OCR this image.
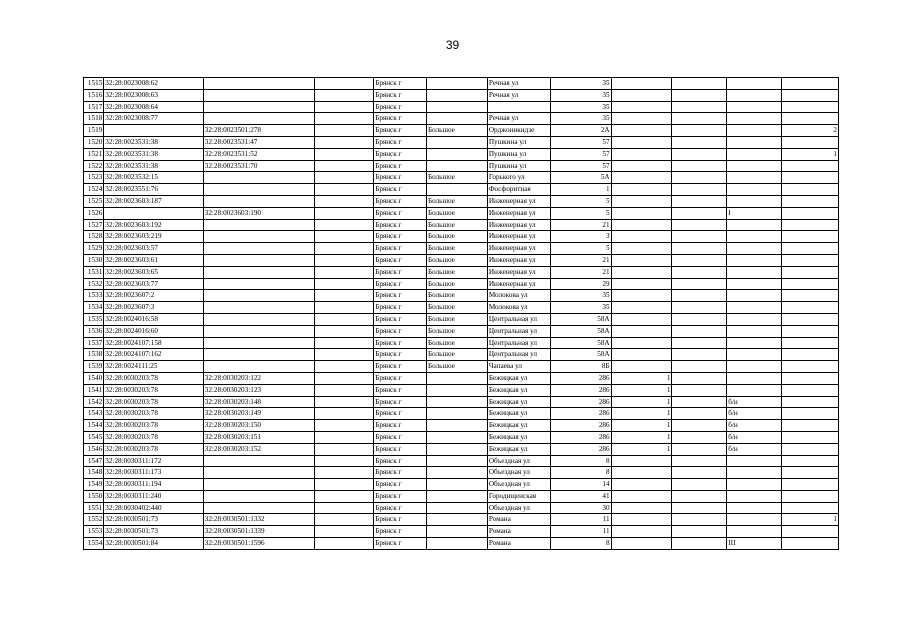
39
1515	32:28:0023008:62			Брянск г		Речная ул	35				
1516	32:28:0023008:63			Брянск г		Речная ул	35				
1517	32:28:0023008:64			Брянск г			35				
1518	32:28:0023008:77			Брянск г		Речная ул	35				
1519		32:28:0023501:278		Брянск г	Большое	Орджоникидзе	2А				2
1520	32:28:0023531:38	32:28:0023531:47		Брянск г		Пушкина ул	57				
1521	32:28:0023531:38	32:28:0023531:52		Брянск г		Пушкина ул	57				1
1522	32:28:0023531:38	32:28:0023531:70		Брянск г		Пушкина ул	57				
1523	32:28:0023532:15			Брянск г	Большое	Горького ул	5А				
1524	32:28:0023551:76			Брянск г		Фосфоритная	1				
1525	32:28:0023603:187			Брянск г	Большое	Инженерная ул	5				
1526		32:28:0023603:190		Брянск г	Большое	Инженерная ул	5			I	
1527	32:28:0023603:192			Брянск г	Большое	Инженерная ул	21				
1528	32:28:0023603:219			Брянск г	Большое	Инженерная ул	3				
1529	32:28:0023603:57			Брянск г	Большое	Инженерная ул	5				
1530	32:28:0023603:61			Брянск г	Большое	Инженерная ул	21				
1531	32:28:0023603:65			Брянск г	Большое	Инженерная ул	21				
1532	32:28:0023603:77			Брянск г	Большое	Инженерная ул	29				
1533	32:28:0023607:2			Брянск г	Большое	Молокова ул	35				
1534	32:28:0023607:3			Брянск г	Большое	Молокова ул	35				
1535	32:28:0024016:58			Брянск г	Большое	Центральная ул	58А				
1536	32:28:0024016:60			Брянск г	Большое	Центральная ул	58А				
1537	32:28:0024107:158			Брянск г	Большое	Центральная ул	58А				
1538	32:28:0024107:162			Брянск г	Большое	Центральная ул	58А				
1539	32:28:0024111:25			Брянск г	Большое	Чапаева ул	8Б				
1540	32:28:0030203:78	32:28:0030203:122		Брянск г		Бежицкая ул	286	1			
1541	32:28:0030203:78	32:28:0030203:123		Брянск г		Бежицкая ул	286	1			
1542	32:28:0030203:78	32:28:0030203:148		Брянск г		Бежицкая ул	286	1		б/н	
1543	32:28:0030203:78	32:28:0030203:149		Брянск г		Бежицкая ул	286	1		б/н	
1544	32:28:0030203:78	32:28:0030203:150		Брянск г		Бежицкая ул	286	1		б/н	
1545	32:28:0030203:78	32:28:0030203:151		Брянск г		Бежицкая ул	286	1		б/н	
1546	32:28:0030203:78	32:28:0030203:152		Брянск г		Бежицкая ул	286	1		б/н	
1547	32:28:0030311:172			Брянск г		Объездная ул	8				
1548	32:28:0030311:173			Брянск г		Объездная ул	8				
1549	32:28:0030311:194			Брянск г		Объездная ул	14				
1550	32:28:0030311:240			Брянск г		Городищенская	41				
1551	32:28:0030402:440			Брянск г		Объездная ул	30				
1552	32:28:0030501:73	32:28:0030501:1332		Брянск г		Романа	11				1
1553	32:28:0030501:73	32:28:0030501:1339		Брянск г		Романа	11				
1554	32:28:0030501:84	32:28:0030501:1596		Брянск г		Романа	8			III	
